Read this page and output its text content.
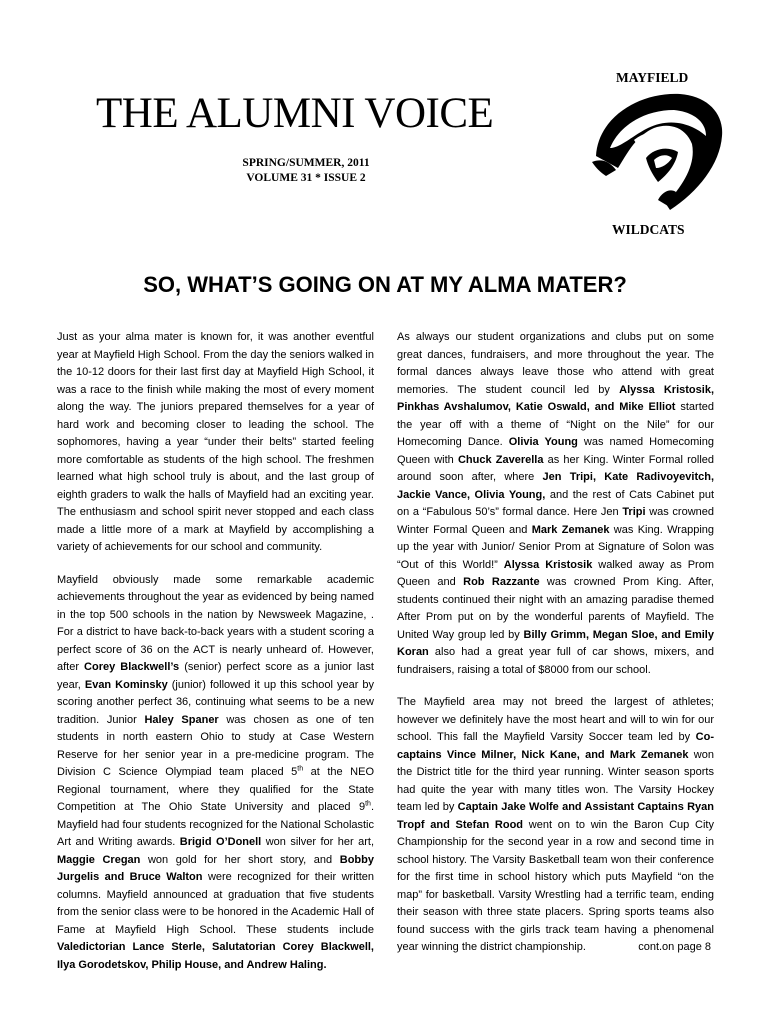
THE ALUMNI VOICE
SPRING/SUMMER, 2011
VOLUME 31 * ISSUE 2
MAYFIELD
WILDCATS
SO, WHAT’S GOING ON AT MY ALMA MATER?

Just as your alma mater is known for, it was another eventful year at Mayfield High School. From the day the seniors walked in the 10-12 doors for their last first day at Mayfield High School, it was a race to the finish while making the most of every moment along the way. The juniors prepared themselves for a year of hard work and becoming closer to leading the school. The sophomores, having a year “under their belts” started feeling more comfortable as students of the high school. The freshmen learned what high school truly is about, and the last group of eighth graders to walk the halls of Mayfield had an exciting year. The enthusiasm and school spirit never stopped and each class made a little more of a mark at Mayfield by accomplishing a variety of achievements for our school and community.

Mayfield obviously made some remarkable academic achievements throughout the year as evidenced by being named in the top 500 schools in the nation by Newsweek Magazine, . For a district to have back-to-back years with a student scoring a perfect score of 36 on the ACT is nearly unheard of. However, after Corey Blackwell’s (senior) perfect score as a junior last year, Evan Kominsky (junior) followed it up this school year by scoring another perfect 36, continuing what seems to be a new tradition. Junior Haley Spaner was chosen as one of ten students in north eastern Ohio to study at Case Western Reserve for her senior year in a pre-medicine program. The Division C Science Olympiad team placed 5th at the NEO Regional tournament, where they qualified for the State Competition at The Ohio State University and placed 9th. Mayfield had four students recognized for the National Scholastic Art and Writing awards. Brigid O’Donell won silver for her art, Maggie Cregan won gold for her short story, and Bobby Jurgelis and Bruce Walton were recognized for their written columns. Mayfield announced at graduation that five students from the senior class were to be honored in the Academic Hall of Fame at Mayfield High School. These students include Valedictorian Lance Sterle, Salutatorian Corey Blackwell, Ilya Gorodetskov, Philip House, and Andrew Haling.

As always our student organizations and clubs put on some great dances, fundraisers, and more throughout the year. The formal dances always leave those who attend with great memories. The student council led by Alyssa Kristosik, Pinkhas Avshalumov, Katie Oswald, and Mike Elliot started the year off with a theme of “Night on the Nile” for our Homecoming Dance. Olivia Young was named Homecoming Queen with Chuck Zaverella as her King. Winter Formal rolled around soon after, where Jen Tripi, Kate Radivoyevitch, Jackie Vance, Olivia Young, and the rest of Cats Cabinet put on a “Fabulous 50’s” formal dance. Here Jen Tripi was crowned Winter Formal Queen and Mark Zemanek was King. Wrapping up the year with Junior/ Senior Prom at Signature of Solon was “Out of this World!” Alyssa Kristosik walked away as Prom Queen and Rob Razzante was crowned Prom King. After, students continued their night with an amazing paradise themed After Prom put on by the wonderful parents of Mayfield. The United Way group led by Billy Grimm, Megan Sloe, and Emily Koran also had a great year full of car shows, mixers, and fundraisers, raising a total of $8000 from our school.

The Mayfield area may not breed the largest of athletes; however we definitely have the most heart and will to win for our school. This fall the Mayfield Varsity Soccer team led by Co-captains Vince Milner, Nick Kane, and Mark Zemanek won the District title for the third year running. Winter season sports had quite the year with many titles won. The Varsity Hockey team led by Captain Jake Wolfe and Assistant Captains Ryan Tropf and Stefan Rood went on to win the Baron Cup City Championship for the second year in a row and second time in school history. The Varsity Basketball team won their conference for the first time in school history which puts Mayfield “on the map” for basketball. Varsity Wrestling had a terrific team, ending their season with three state placers. Spring sports teams also found success with the girls track team having a phenomenal year winning the district championship.	cont.on page 8
